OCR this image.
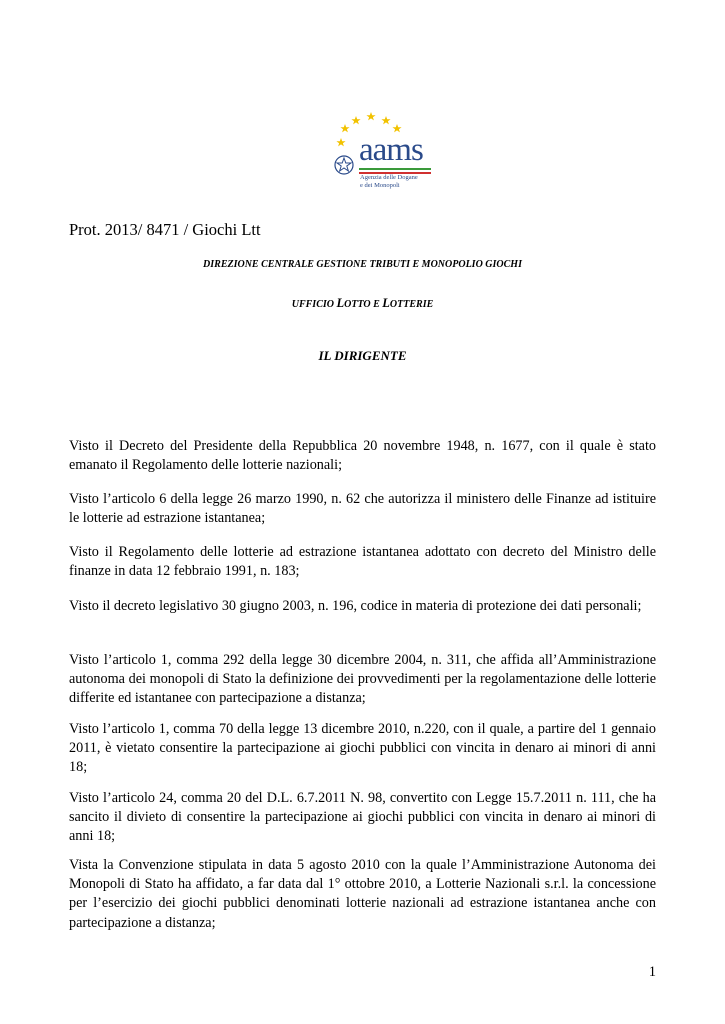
aams
Agenzia delle Dogane
e dei Monopoli
Prot. 2013/ 8471 / Giochi Ltt
DIREZIONE CENTRALE GESTIONE TRIBUTI E MONOPOLIO GIOCHI
UFFICIO LOTTO E LOTTERIE
IL DIRIGENTE
Visto il Decreto del Presidente della Repubblica 20 novembre 1948, n. 1677, con il quale è stato emanato il Regolamento delle lotterie nazionali;
Visto l’articolo 6 della legge 26 marzo 1990, n. 62 che autorizza il ministero delle Finanze ad istituire le lotterie ad estrazione istantanea;
Visto il Regolamento delle lotterie ad estrazione istantanea adottato con decreto del Ministro delle finanze in data 12 febbraio 1991, n. 183;
Visto il decreto legislativo 30 giugno 2003, n. 196, codice in materia di protezione dei dati personali;
Visto l’articolo 1, comma 292 della legge 30 dicembre 2004, n. 311, che affida all’Amministrazione autonoma dei monopoli di Stato la definizione dei provvedimenti per la regolamentazione delle lotterie differite ed istantanee con partecipazione a distanza;
Visto l’articolo 1, comma 70 della legge 13 dicembre 2010, n.220, con il quale, a partire del 1 gennaio 2011, è vietato consentire la partecipazione ai giochi pubblici con vincita in denaro ai minori di anni 18;
Visto l’articolo 24, comma 20 del D.L. 6.7.2011 N. 98, convertito con Legge 15.7.2011 n. 111, che ha sancito il divieto di consentire la partecipazione ai giochi pubblici con vincita in denaro ai minori di anni 18;
Vista la Convenzione stipulata in data 5 agosto 2010 con la quale l’Amministrazione Autonoma dei Monopoli di Stato ha affidato, a far data dal 1° ottobre 2010, a Lotterie Nazionali s.r.l. la concessione per l’esercizio dei giochi pubblici denominati lotterie nazionali ad estrazione istantanea anche con partecipazione a distanza;
1
